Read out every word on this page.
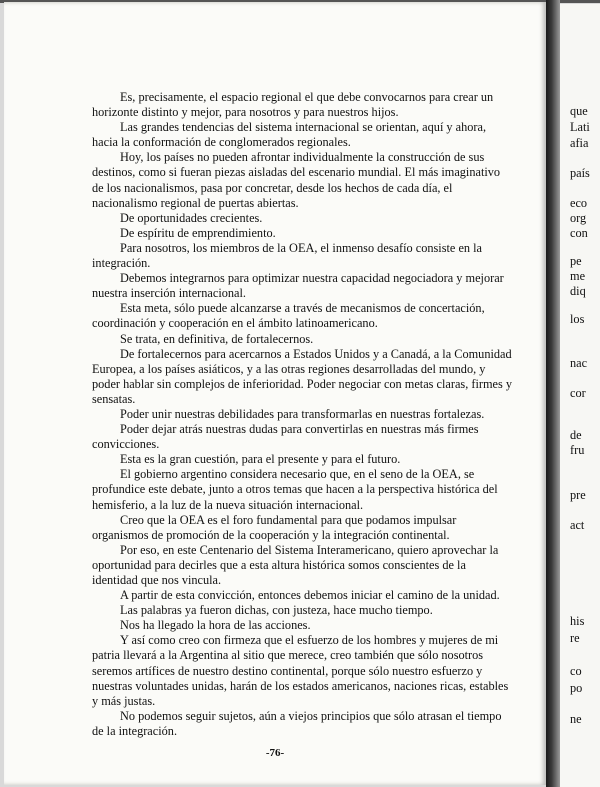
Es, precisamente, el espacio regional el que debe convocarnos para crear un horizonte distinto y mejor, para nosotros y para nuestros hijos.

Las grandes tendencias del sistema internacional se orientan, aquí y ahora, hacia la conformación de conglomerados regionales.

Hoy, los países no pueden afrontar individualmente la construcción de sus destinos, como si fueran piezas aisladas del escenario mundial. El más imaginativo de los nacionalismos, pasa por concretar, desde los hechos de cada día, el nacionalismo regional de puertas abiertas.

De oportunidades crecientes.

De espíritu de emprendimiento.

Para nosotros, los miembros de la OEA, el inmenso desafío consiste en la integración.

Debemos integrarnos para optimizar nuestra capacidad negociadora y mejorar nuestra inserción internacional.

Esta meta, sólo puede alcanzarse a través de mecanismos de concertación, coordinación y cooperación en el ámbito latinoamericano.

Se trata, en definitiva, de fortalecernos.

De fortalecernos para acercarnos a Estados Unidos y a Canadá, a la Comunidad Europea, a los países asiáticos, y a las otras regiones desarrolladas del mundo, y poder hablar sin complejos de inferioridad. Poder negociar con metas claras, firmes y sensatas.

Poder unir nuestras debilidades para transformarlas en nuestras fortalezas.

Poder dejar atrás nuestras dudas para convertirlas en nuestras más firmes convicciones.

Esta es la gran cuestión, para el presente y para el futuro.

El gobierno argentino considera necesario que, en el seno de la OEA, se profundice este debate, junto a otros temas que hacen a la perspectiva histórica del hemisferio, a la luz de la nueva situación internacional.

Creo que la OEA es el foro fundamental para que podamos impulsar organismos de promoción de la cooperación y la integración continental.

Por eso, en este Centenario del Sistema Interamericano, quiero aprovechar la oportunidad para decirles que a esta altura histórica somos conscientes de la identidad que nos vincula.

A partir de esta convicción, entonces debemos iniciar el camino de la unidad.

Las palabras ya fueron dichas, con justeza, hace mucho tiempo.

Nos ha llegado la hora de las acciones.

Y así como creo con firmeza que el esfuerzo de los hombres y mujeres de mi patria llevará a la Argentina al sitio que merece, creo también que sólo nosotros seremos artífices de nuestro destino continental, porque sólo nuestro esfuerzo y nuestras voluntades unidas, harán de los estados americanos, naciones ricas, estables y más justas.

No podemos seguir sujetos, aún a viejos principios que sólo atrasan el tiempo de la integración.

-76-
que
Lati
afia
país
eco
org
con
pe
me
diq
los
nac
cor
de
fru
pre
act
his
re
co
po
ne
